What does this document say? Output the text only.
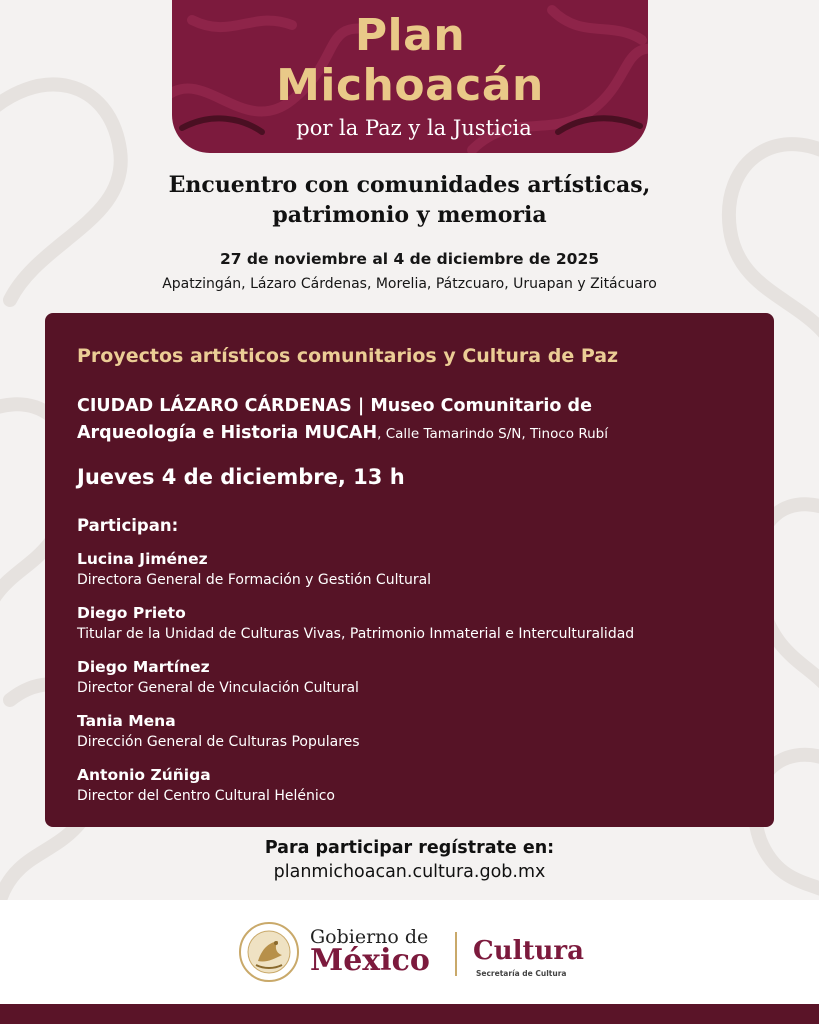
Plan
Michoacán
por la Paz y la Justicia
Encuentro con comunidades artísticas,
patrimonio y memoria
27 de noviembre al 4 de diciembre de 2025
Apatzingán, Lázaro Cárdenas, Morelia, Pátzcuaro, Uruapan y Zitácuaro
Proyectos artísticos comunitarios y Cultura de Paz
CIUDAD LÁZARO CÁRDENAS | Museo Comunitario de
Arqueología e Historia MUCAH, Calle Tamarindo S/N, Tinoco Rubí
Jueves 4 de diciembre, 13 h
Participan:
Lucina Jiménez
Directora General de Formación y Gestión Cultural
Diego Prieto
Titular de la Unidad de Culturas Vivas, Patrimonio Inmaterial e Interculturalidad
Diego Martínez
Director General de Vinculación Cultural
Tania Mena
Dirección General de Culturas Populares
Antonio Zúñiga
Director del Centro Cultural Helénico
Para participar regístrate en:
planmichoacan.cultura.gob.mx
Gobierno de
México Cultura
Secretaría de Cultura
